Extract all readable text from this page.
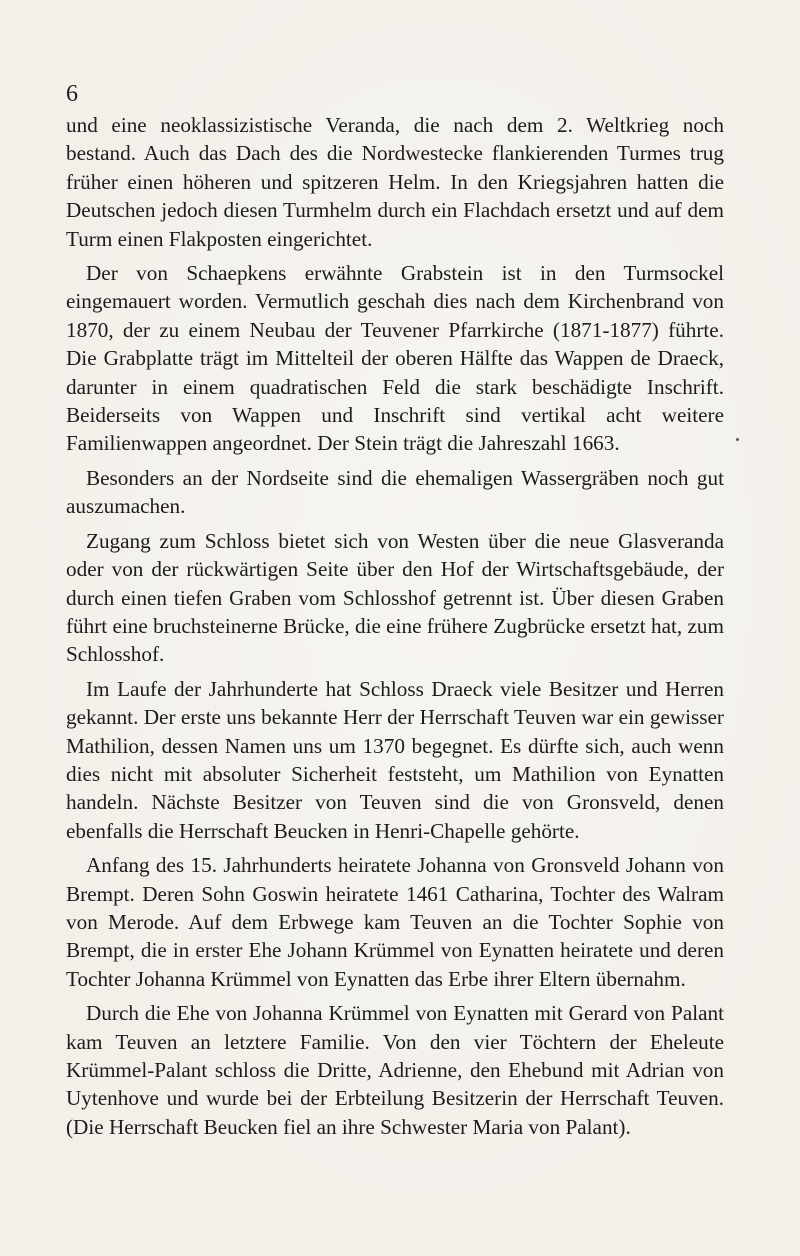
6

und eine neoklassizistische Veranda, die nach dem 2. Weltkrieg noch bestand. Auch das Dach des die Nordwestecke flankierenden Turmes trug früher einen höheren und spitzeren Helm. In den Kriegsjahren hatten die Deutschen jedoch diesen Turmhelm durch ein Flachdach ersetzt und auf dem Turm einen Flakposten eingerichtet.

Der von Schaepkens erwähnte Grabstein ist in den Turmsockel eingemauert worden. Vermutlich geschah dies nach dem Kirchenbrand von 1870, der zu einem Neubau der Teuvener Pfarrkirche (1871-1877) führte. Die Grabplatte trägt im Mittelteil der oberen Hälfte das Wappen de Draeck, darunter in einem quadratischen Feld die stark beschädigte Inschrift. Beiderseits von Wappen und Inschrift sind vertikal acht weitere Familienwappen angeordnet. Der Stein trägt die Jahreszahl 1663.

Besonders an der Nordseite sind die ehemaligen Wassergräben noch gut auszumachen.

Zugang zum Schloss bietet sich von Westen über die neue Glasveranda oder von der rückwärtigen Seite über den Hof der Wirtschaftsgebäude, der durch einen tiefen Graben vom Schlosshof getrennt ist. Über diesen Graben führt eine bruchsteinerne Brücke, die eine frühere Zugbrücke ersetzt hat, zum Schlosshof.

Im Laufe der Jahrhunderte hat Schloss Draeck viele Besitzer und Herren gekannt. Der erste uns bekannte Herr der Herrschaft Teuven war ein gewisser Mathilion, dessen Namen uns um 1370 begegnet. Es dürfte sich, auch wenn dies nicht mit absoluter Sicherheit feststeht, um Mathilion von Eynatten handeln. Nächste Besitzer von Teuven sind die von Gronsveld, denen ebenfalls die Herrschaft Beucken in Henri-Chapelle gehörte.

Anfang des 15. Jahrhunderts heiratete Johanna von Gronsveld Johann von Brempt. Deren Sohn Goswin heiratete 1461 Catharina, Tochter des Walram von Merode. Auf dem Erbwege kam Teuven an die Tochter Sophie von Brempt, die in erster Ehe Johann Krümmel von Eynatten heiratete und deren Tochter Johanna Krümmel von Eynatten das Erbe ihrer Eltern übernahm.

Durch die Ehe von Johanna Krümmel von Eynatten mit Gerard von Palant kam Teuven an letztere Familie. Von den vier Töchtern der Eheleute Krümmel-Palant schloss die Dritte, Adrienne, den Ehebund mit Adrian von Uytenhove und wurde bei der Erbteilung Besitzerin der Herrschaft Teuven. (Die Herrschaft Beucken fiel an ihre Schwester Maria von Palant).
